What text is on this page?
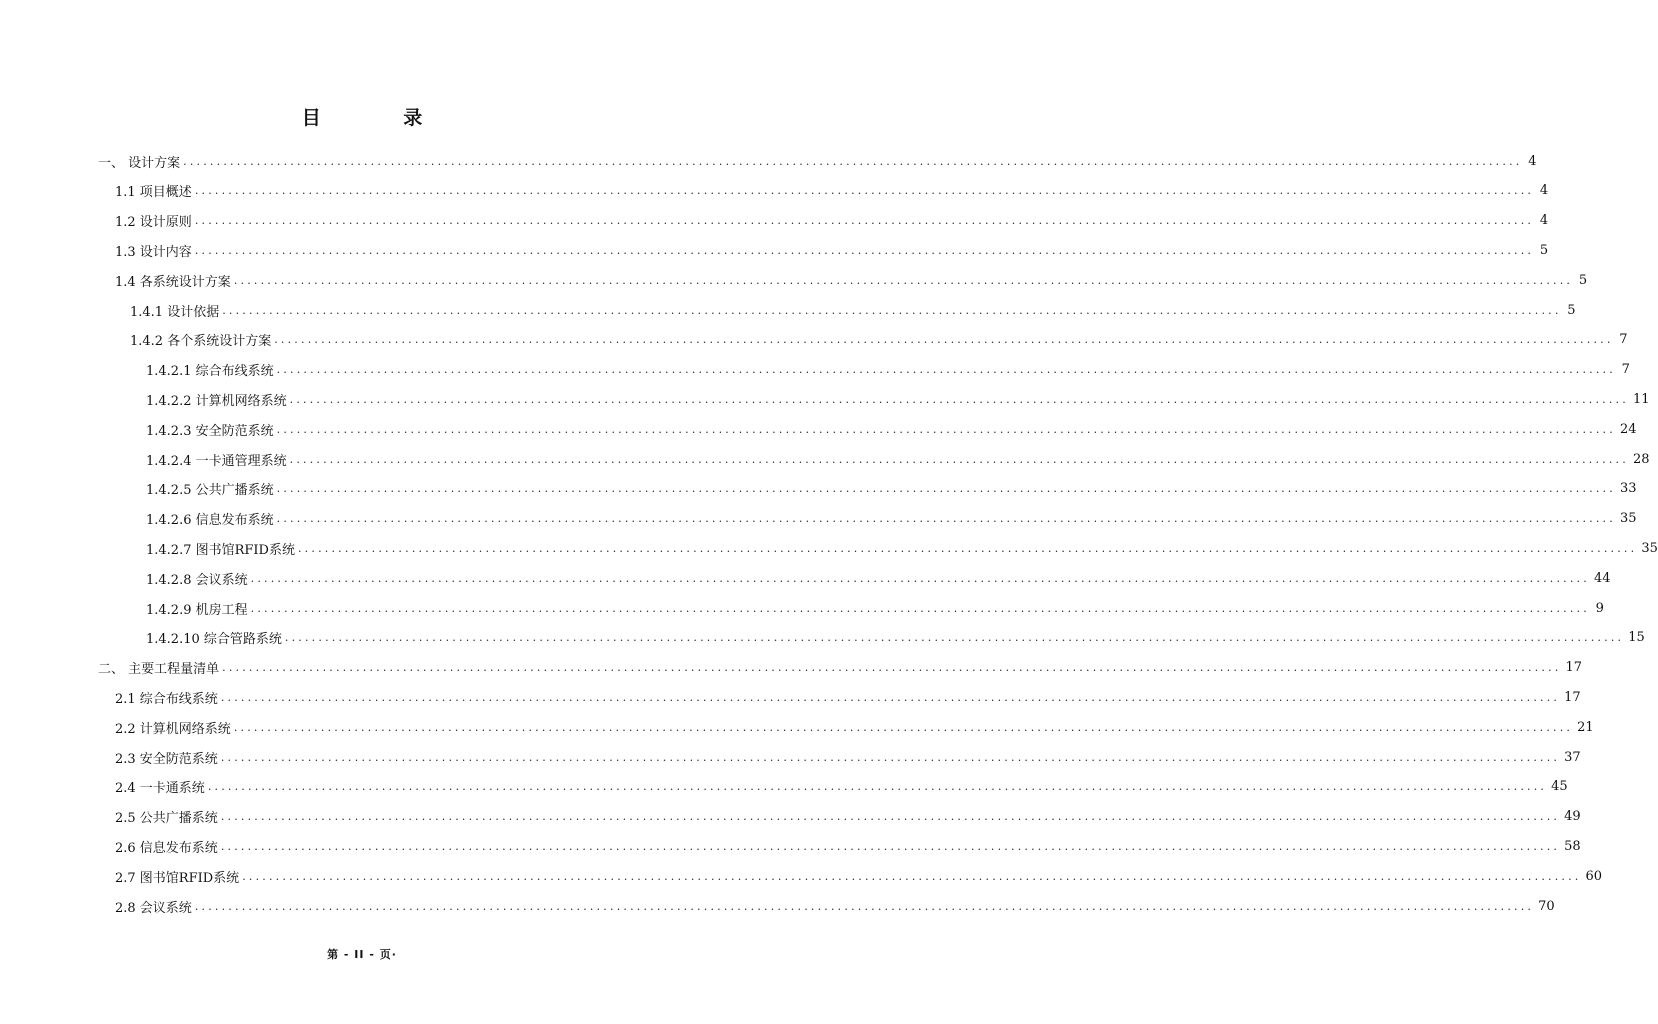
目 录
一、 设计方案 ........................................................................................................................................................................................................ 4
1.1 项目概述 ........................................................................................................................................................................................................ 4
1.2 设计原则 ........................................................................................................................................................................................................ 4
1.3 设计内容 ........................................................................................................................................................................................................ 5
1.4 各系统设计方案 ........................................................................................................................................................................................................ 5
1.4.1 设计依据 ........................................................................................................................................................................................................ 5
1.4.2 各个系统设计方案 ........................................................................................................................................................................................................ 7
1.4.2.1 综合布线系统 ........................................................................................................................................................................................................ 7
1.4.2.2 计算机网络系统 ........................................................................................................................................................................................................ 11
1.4.2.3 安全防范系统 ........................................................................................................................................................................................................ 24
1.4.2.4 一卡通管理系统 ........................................................................................................................................................................................................ 28
1.4.2.5 公共广播系统 ........................................................................................................................................................................................................ 33
1.4.2.6 信息发布系统 ........................................................................................................................................................................................................ 35
1.4.2.7 图书馆RFID系统 ........................................................................................................................................................................................................ 35
1.4.2.8 会议系统 ........................................................................................................................................................................................................ 44
1.4.2.9 机房工程 ........................................................................................................................................................................................................ 9
1.4.2.10 综合管路系统 ........................................................................................................................................................................................................ 15
二、 主要工程量清单 ........................................................................................................................................................................................................ 17
2.1 综合布线系统 ........................................................................................................................................................................................................ 17
2.2 计算机网络系统 ........................................................................................................................................................................................................ 21
2.3 安全防范系统 ........................................................................................................................................................................................................ 37
2.4 一卡通系统 ........................................................................................................................................................................................................ 45
2.5 公共广播系统 ........................................................................................................................................................................................................ 49
2.6 信息发布系统 ........................................................................................................................................................................................................ 58
2.7 图书馆RFID系统 ........................................................................................................................................................................................................ 60
2.8 会议系统 ........................................................................................................................................................................................................ 70
第 - II - 页·
